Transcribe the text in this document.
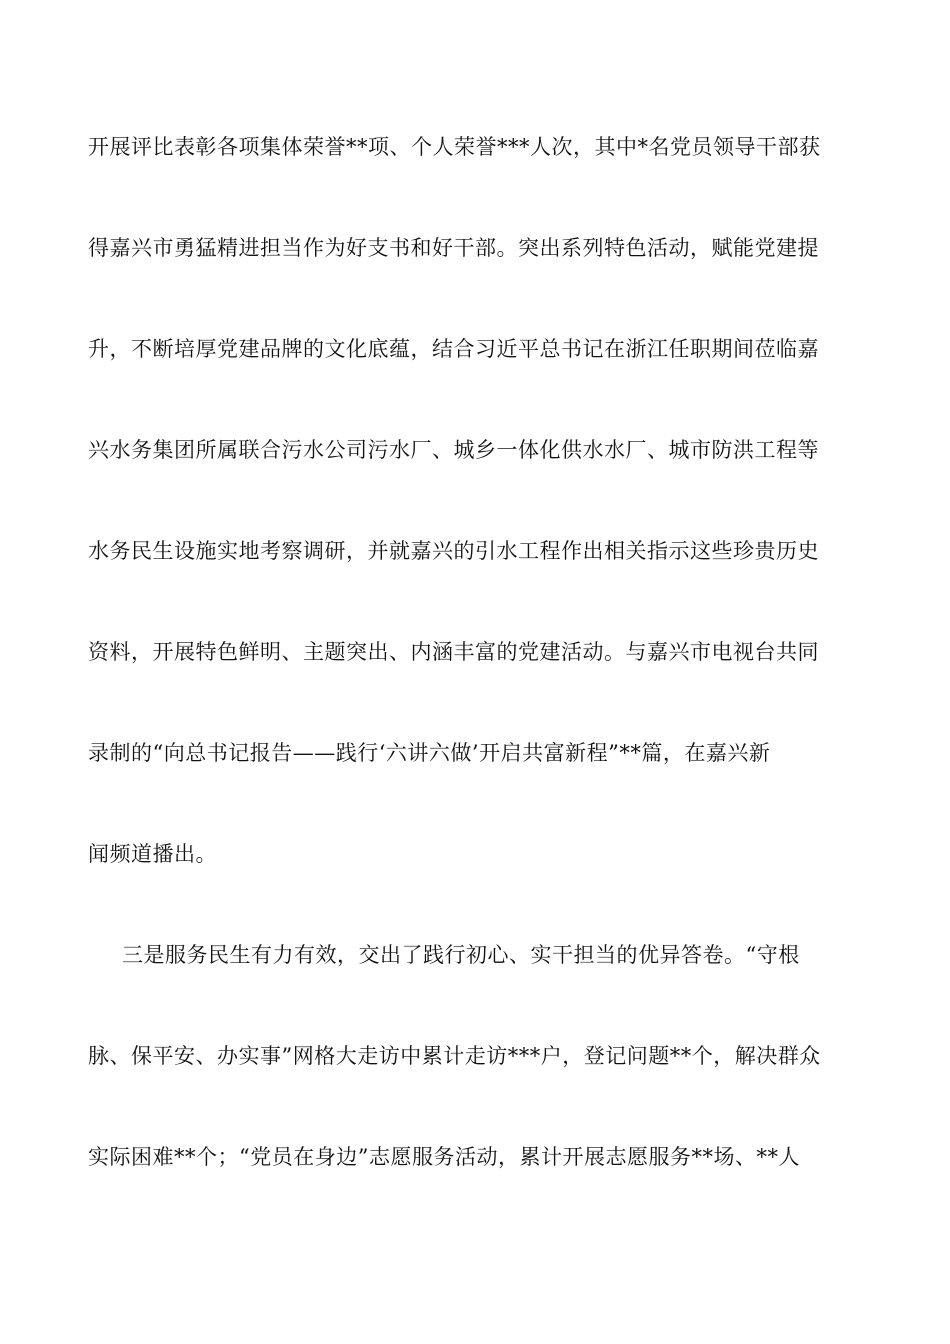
开展评比表彰各项集体荣誉**项、个人荣誉***人次，其中*名党员领导干部获
得嘉兴市勇猛精进担当作为好支书和好干部。突出系列特色活动，赋能党建提
升，不断培厚党建品牌的文化底蕴，结合习近平总书记在浙江任职期间莅临嘉
兴水务集团所属联合污水公司污水厂、城乡一体化供水水厂、城市防洪工程等
水务民生设施实地考察调研，并就嘉兴的引水工程作出相关指示这些珍贵历史
资料，开展特色鲜明、主题突出、内涵丰富的党建活动。与嘉兴市电视台共同
录制的“向总书记报告——践行‘六讲六做’开启共富新程”**篇，在嘉兴新
闻频道播出。
三是服务民生有力有效，交出了践行初心、实干担当的优异答卷。“守根
脉、保平安、办实事”网格大走访中累计走访***户，登记问题**个，解决群众
实际困难**个；“党员在身边”志愿服务活动，累计开展志愿服务**场、**人
